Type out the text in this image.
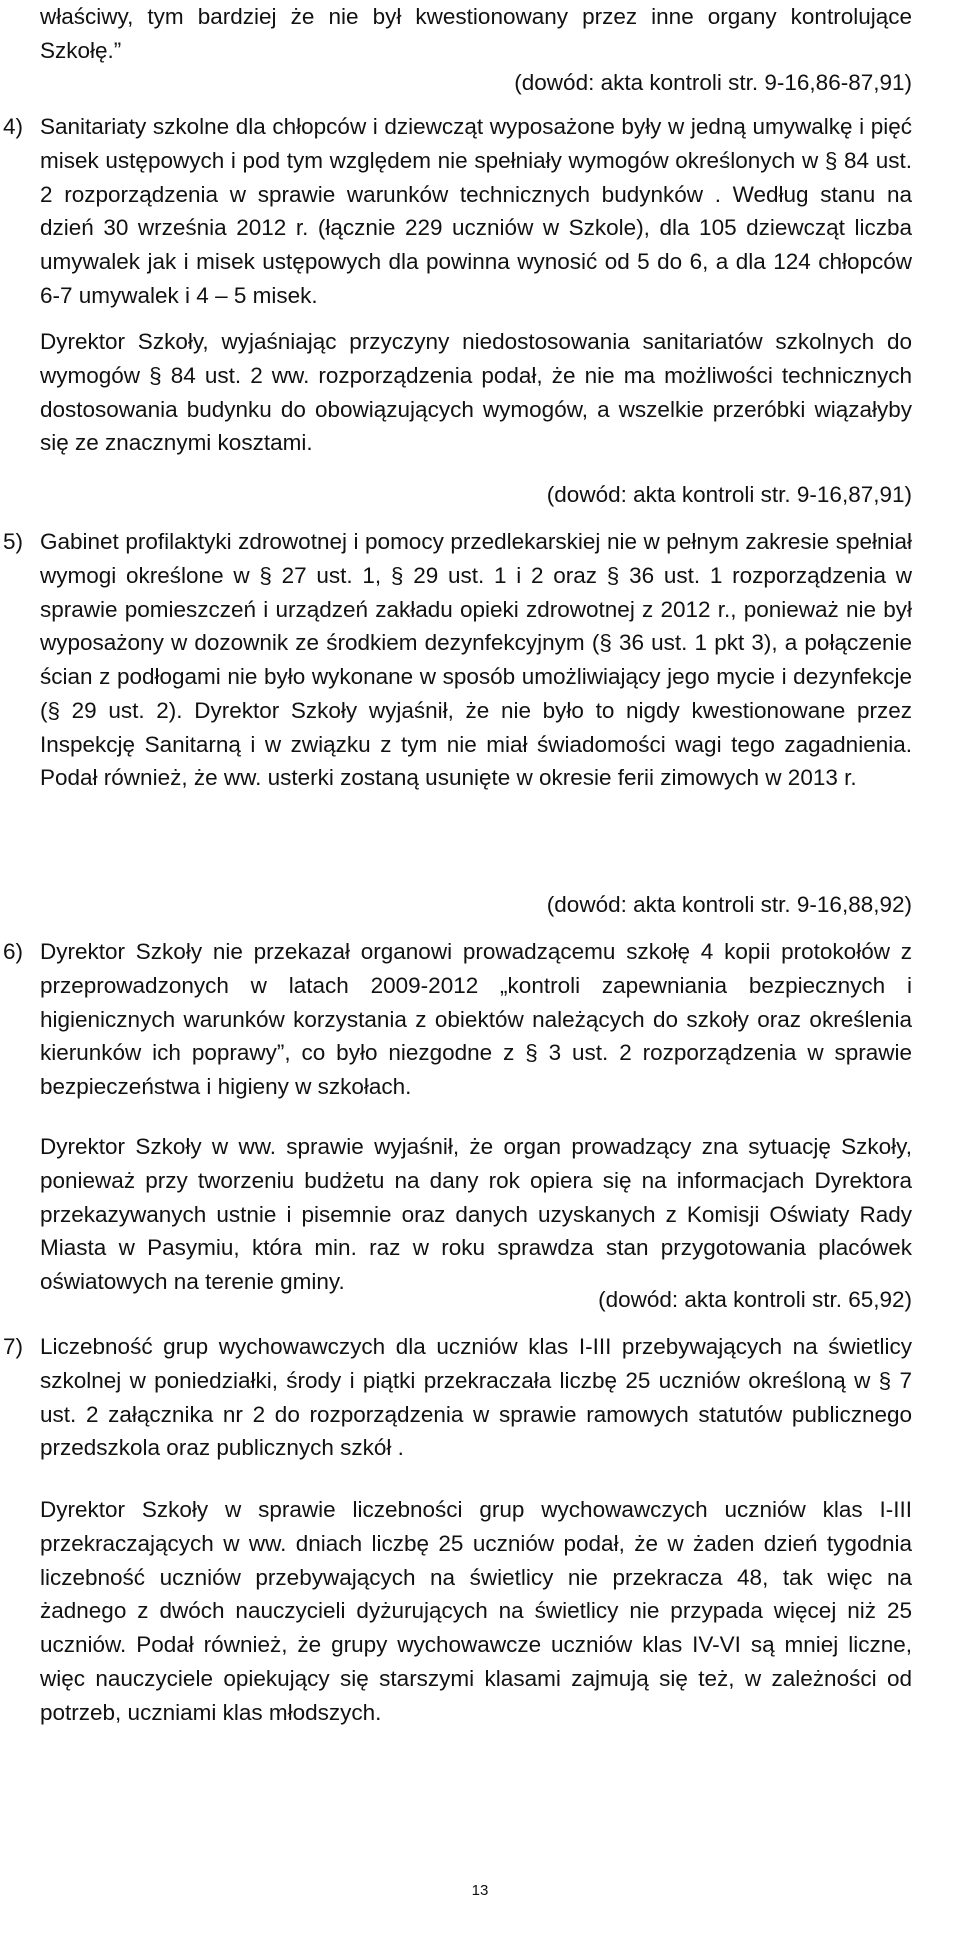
właściwy, tym bardziej że nie był kwestionowany przez inne organy kontrolujące Szkołę.”
(dowód: akta kontroli str. 9-16,86-87,91)
4) Sanitariaty szkolne dla chłopców i dziewcząt wyposażone były w jedną umywalkę i pięć misek ustępowych i pod tym względem nie spełniały wymogów określonych w § 84 ust. 2 rozporządzenia w sprawie warunków technicznych budynków . Według stanu na dzień 30 września 2012 r. (łącznie 229 uczniów w Szkole), dla 105 dziewcząt liczba umywalek jak i misek ustępowych dla powinna wynosić od 5 do 6, a dla 124 chłopców 6-7 umywalek i 4 – 5 misek.
Dyrektor Szkoły, wyjaśniając przyczyny niedostosowania sanitariatów szkolnych do wymogów § 84 ust. 2 ww. rozporządzenia podał, że nie ma możliwości technicznych dostosowania budynku do obowiązujących wymogów, a wszelkie przeróbki wiązałyby się ze znacznymi kosztami.
(dowód: akta kontroli str. 9-16,87,91)
5) Gabinet profilaktyki zdrowotnej i pomocy przedlekarskiej nie w pełnym zakresie spełniał wymogi określone w § 27 ust. 1, § 29 ust. 1 i 2 oraz § 36 ust. 1 rozporządzenia w sprawie pomieszczeń i urządzeń zakładu opieki zdrowotnej z 2012 r., ponieważ nie był wyposażony w dozownik ze środkiem dezynfekcyjnym (§ 36 ust. 1 pkt 3), a połączenie ścian z podłogami nie było wykonane w sposób umożliwiający jego mycie i dezynfekcje (§ 29 ust. 2). Dyrektor Szkoły wyjaśnił, że nie było to nigdy kwestionowane przez Inspekcję Sanitarną i w związku z tym nie miał świadomości wagi tego zagadnienia. Podał również, że ww. usterki zostaną usunięte w okresie ferii zimowych w 2013 r.
(dowód: akta kontroli str. 9-16,88,92)
6) Dyrektor Szkoły nie przekazał organowi prowadzącemu szkołę 4 kopii protokołów z przeprowadzonych w latach 2009-2012 „kontroli zapewniania bezpiecznych i higienicznych warunków korzystania z obiektów należących do szkoły oraz określenia kierunków ich poprawy”, co było niezgodne z § 3 ust. 2 rozporządzenia w sprawie bezpieczeństwa i higieny w szkołach.
Dyrektor Szkoły w ww. sprawie wyjaśnił, że organ prowadzący zna sytuację Szkoły, ponieważ przy tworzeniu budżetu na dany rok opiera się na informacjach Dyrektora przekazywanych ustnie i pisemnie oraz danych uzyskanych z Komisji Oświaty Rady Miasta w Pasymiu, która min. raz w roku sprawdza stan przygotowania placówek oświatowych na terenie gminy.
(dowód: akta kontroli str. 65,92)
7) Liczebność grup wychowawczych dla uczniów klas I-III przebywających na świetlicy szkolnej w poniedziałki, środy i piątki przekraczała liczbę 25 uczniów określoną w § 7 ust. 2 załącznika nr 2 do rozporządzenia w sprawie ramowych statutów publicznego przedszkola oraz publicznych szkół .
Dyrektor Szkoły w sprawie liczebności grup wychowawczych uczniów klas I-III przekraczających w ww. dniach liczbę 25 uczniów podał, że w żaden dzień tygodnia liczebność uczniów przebywających na świetlicy nie przekracza 48, tak więc na żadnego z dwóch nauczycieli dyżurujących na świetlicy nie przypada więcej niż 25 uczniów. Podał również, że grupy wychowawcze uczniów klas IV-VI są mniej liczne, więc nauczyciele opiekujący się starszymi klasami zajmują się też, w zależności od potrzeb, uczniami klas młodszych.
13
